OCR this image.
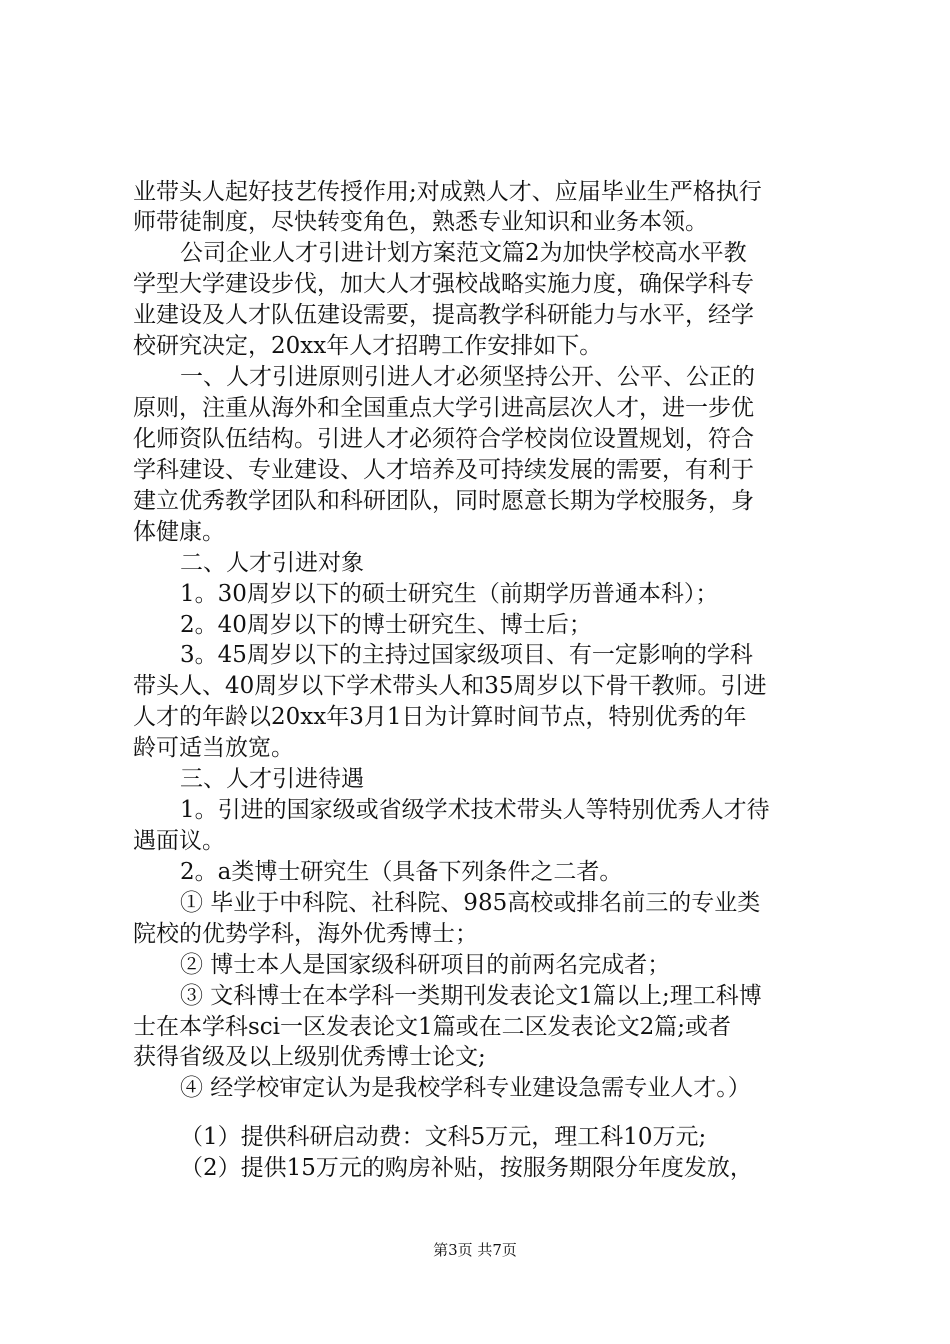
业带头人起好技艺传授作用;对成熟人才、应届毕业生严格执行
师带徒制度，尽快转变角色，熟悉专业知识和业务本领。
公司企业人才引进计划方案范文篇2为加快学校高水平教
学型大学建设步伐，加大人才强校战略实施力度，确保学科专
业建设及人才队伍建设需要，提高教学科研能力与水平，经学
校研究决定，20xx年人才招聘工作安排如下。
一、人才引进原则引进人才必须坚持公开、公平、公正的
原则，注重从海外和全国重点大学引进高层次人才，进一步优
化师资队伍结构。引进人才必须符合学校岗位设置规划，符合
学科建设、专业建设、人才培养及可持续发展的需要，有利于
建立优秀教学团队和科研团队，同时愿意长期为学校服务，身
体健康。
二、人才引进对象
1。30周岁以下的硕士研究生（前期学历普通本科）；
2。40周岁以下的博士研究生、博士后；
3。45周岁以下的主持过国家级项目、有一定影响的学科
带头人、40周岁以下学术带头人和35周岁以下骨干教师。引进
人才的年龄以20xx年3月1日为计算时间节点，特别优秀的年
龄可适当放宽。
三、人才引进待遇
1。引进的国家级或省级学术技术带头人等特别优秀人才待
遇面议。
2。a类博士研究生（具备下列条件之二者。
① 毕业于中科院、社科院、985高校或排名前三的专业类
院校的优势学科，海外优秀博士；
② 博士本人是国家级科研项目的前两名完成者；
③ 文科博士在本学科一类期刊发表论文1篇以上;理工科博
士在本学科sci一区发表论文1篇或在二区发表论文2篇;或者
获得省级及以上级别优秀博士论文;
④ 经学校审定认为是我校学科专业建设急需专业人才。）
（1）提供科研启动费：文科5万元，理工科10万元;
（2）提供15万元的购房补贴，按服务期限分年度发放，
第3页 共7页
